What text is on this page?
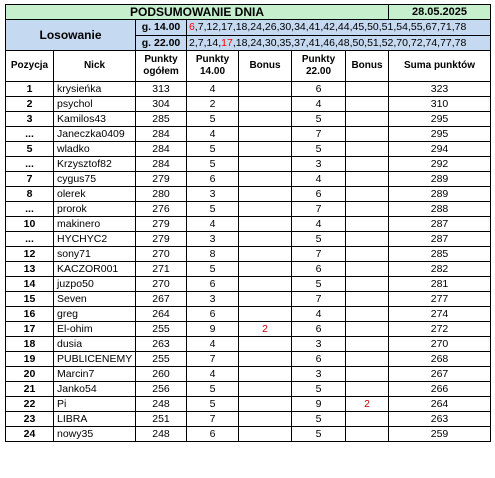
PODSUMOWANIE DNIA							28.05.2025
Losowanie		g. 14.00	6,7,12,17,18,24,26,30,34,41,42,44,45,50,51,54,55,67,71,78				
		g. 22.00	2,7,14,17,18,24,30,35,37,41,46,48,50,51,52,70,72,74,77,78				
Pozycja	Nick	Punkty ogółem	Punkty 14.00	Bonus	Punkty 22.00	Bonus	Suma punktów
1	krysieńka	313	4		6		323
2	psychol	304	2		4		310
3	Kamilos43	285	5		5		295
...	Janeczka0409	284	4		7		295
5	wladko	284	5		5		294
...	Krzysztof82	284	5		3		292
7	cygus75	279	6		4		289
8	olerek	280	3		6		289
...	prorok	276	5		7		288
10	makinero	279	4		4		287
...	HYCHYC2	279	3		5		287
12	sony71	270	8		7		285
13	KACZOR001	271	5		6		282
14	juzpo50	270	6		5		281
15	Seven	267	3		7		277
16	greg	264	6		4		274
17	El-ohim	255	9	2	6		272
18	dusia	263	4		3		270
19	PUBLICENEMY	255	7		6		268
20	Marcin7	260	4		3		267
21	Janko54	256	5		5		266
22	Pi	248	5		9	2	264
23	LIBRA	251	7		5		263
24	nowy35	248	6		5		259
